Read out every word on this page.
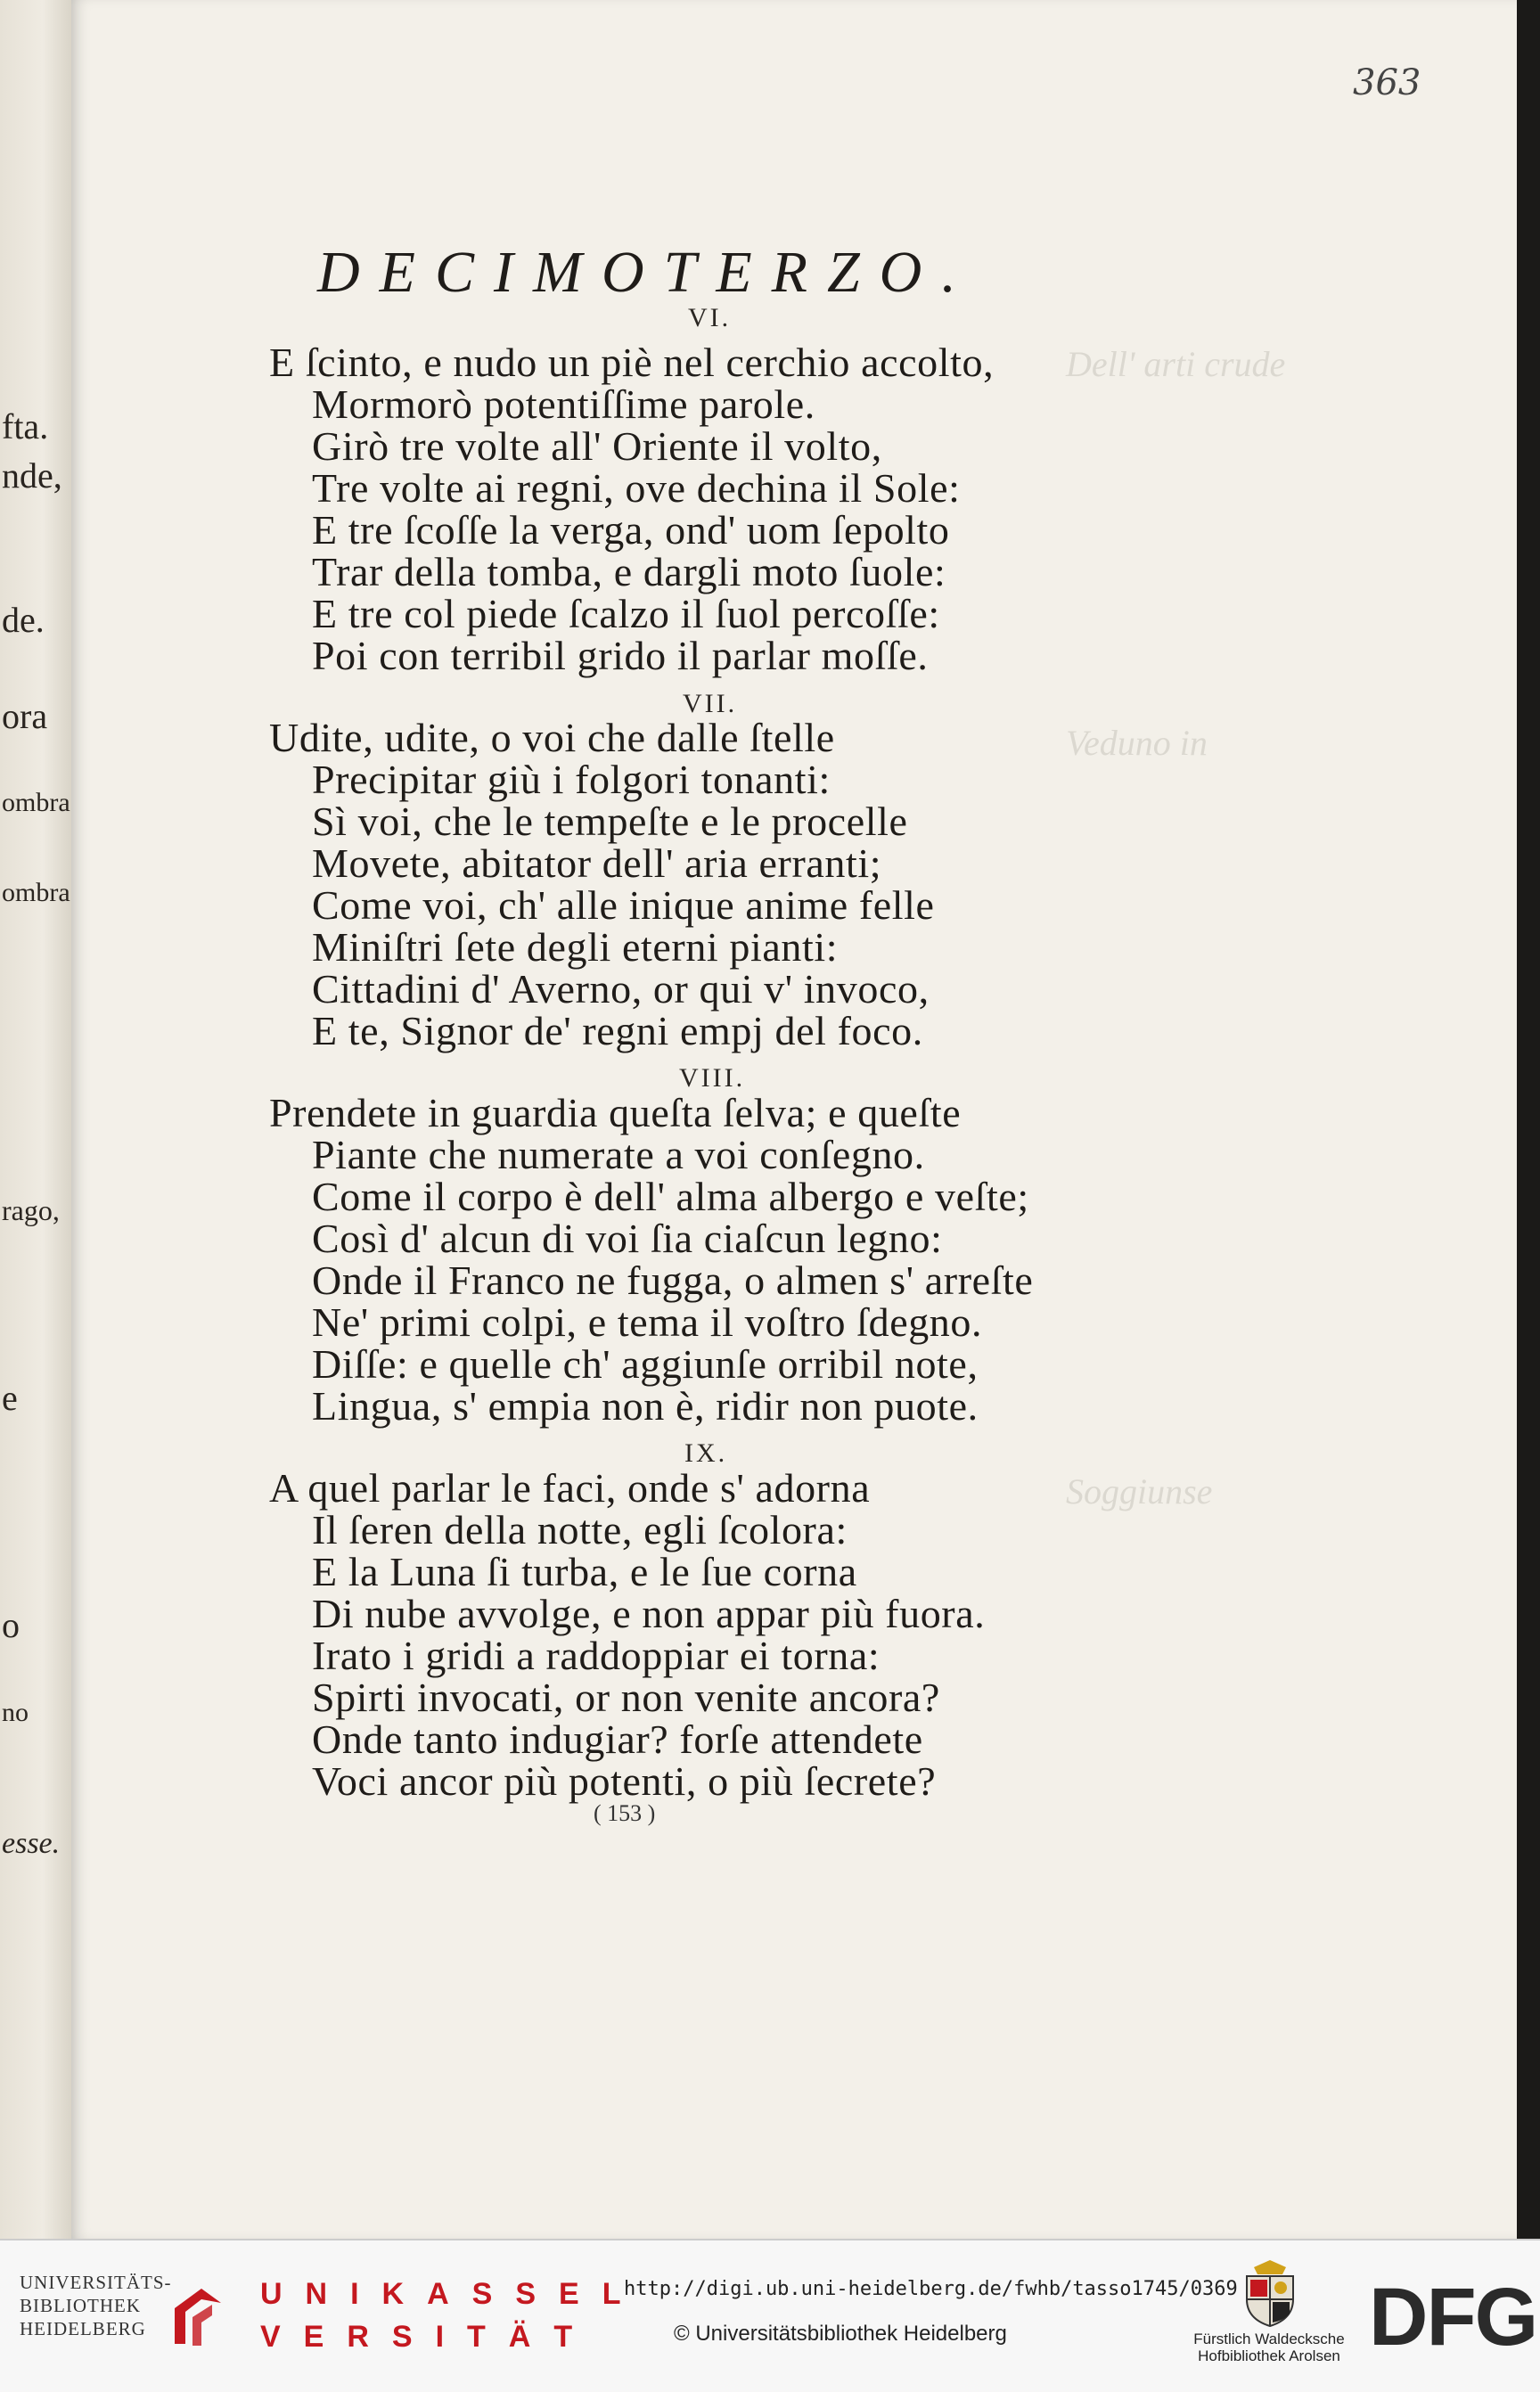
fta.
nde,
de.
ora
ombra
ombra
rago,
e
o
no
esse.
Dell' arti crude
Veduno in
Soggiunse
363
DECIMOTERZO.
VI.
E ſcinto, e nudo un piè nel cerchio accolto,
Mormorò potentiſſime parole.
Girò tre volte all' Oriente il volto,
Tre volte ai regni, ove dechina il Sole:
E tre ſcoſſe la verga, ond' uom ſepolto
Trar della tomba, e dargli moto ſuole:
E tre col piede ſcalzo il ſuol percoſſe:
Poi con terribil grido il parlar moſſe.
VII.
Udite, udite, o voi che dalle ſtelle
Precipitar giù i folgori tonanti:
Sì voi, che le tempeſte e le procelle
Movete, abitator dell' aria erranti;
Come voi, ch' alle inique anime felle
Miniſtri ſete degli eterni pianti:
Cittadini d' Averno, or qui v' invoco,
E te, Signor de' regni empj del foco.
VIII.
Prendete in guardia queſta ſelva; e queſte
Piante che numerate a voi conſegno.
Come il corpo è dell' alma albergo e veſte;
Così d' alcun di voi ſia ciaſcun legno:
Onde il Franco ne fugga, o almen s' arreſte
Ne' primi colpi, e tema il voſtro ſdegno.
Diſſe: e quelle ch' aggiunſe orribil note,
Lingua, s' empia non è, ridir non puote.
IX.
A quel parlar le faci, onde s' adorna
Il ſeren della notte, egli ſcolora:
E la Luna ſi turba, e le ſue corna
Di nube avvolge, e non appar più fuora.
Irato i gridi a raddoppiar ei torna:
Spirti invocati, or non venite ancora?
Onde tanto indugiar? forſe attendete
Voci ancor più potenti, o più ſecrete?
( 153 )
UNIVERSITÄTS-
BIBLIOTHEK
HEIDELBERG
UNIKASSEL
VERSITÄT
http://digi.ub.uni-heidelberg.de/fwhb/tasso1745/0369
© Universitätsbibliothek Heidelberg	Fürstlich Waldecksche
Hofbibliothek Arolsen DFG
